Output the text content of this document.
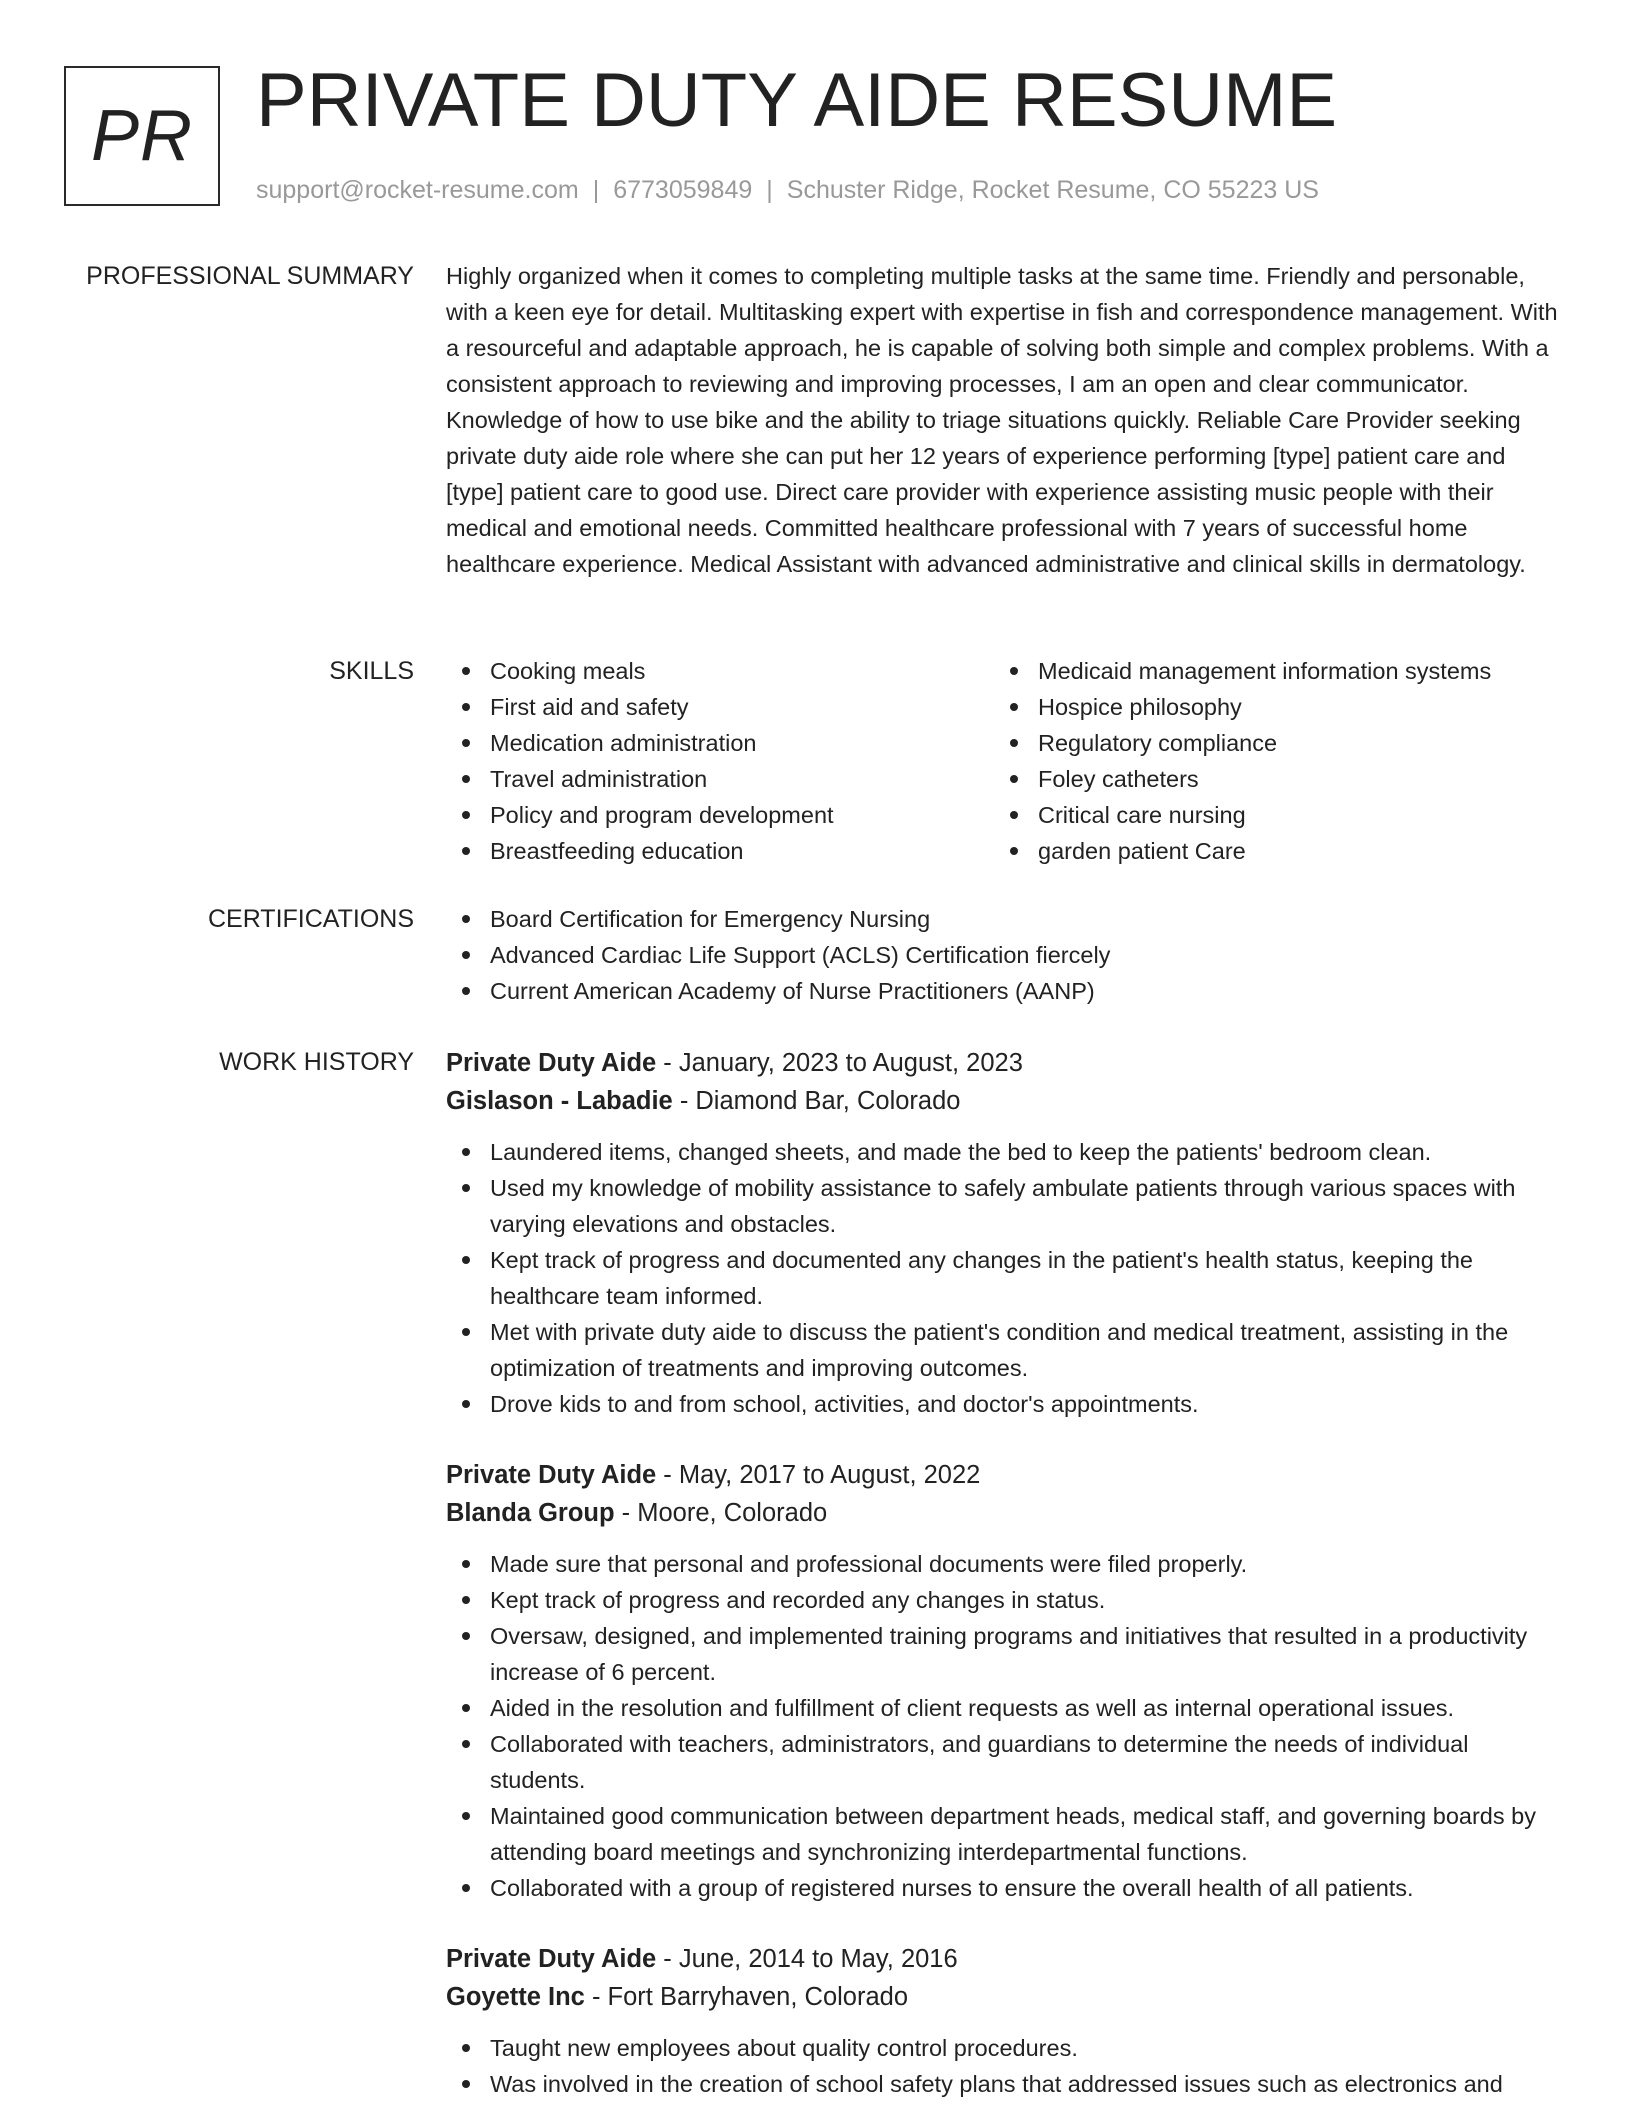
PR PRIVATE DUTY AIDE RESUME
support@rocket-resume.com | 6773059849 | Schuster Ridge, Rocket Resume, CO 55223 US
PROFESSIONAL SUMMARY Highly organized when it comes to completing multiple tasks at the same time. Friendly and personable, with a keen eye for detail. Multitasking expert with expertise in fish and correspondence management. With a resourceful and adaptable approach, he is capable of solving both simple and complex problems. With a consistent approach to reviewing and improving processes, I am an open and clear communicator. Knowledge of how to use bike and the ability to triage situations quickly. Reliable Care Provider seeking private duty aide role where she can put her 12 years of experience performing [type] patient care and [type] patient care to good use. Direct care provider with experience assisting music people with their medical and emotional needs. Committed healthcare professional with 7 years of successful home healthcare experience. Medical Assistant with advanced administrative and clinical skills in dermatology.

SKILLS	Cooking meals
First aid and safety
Medication administration
Travel administration
Policy and program development
Breastfeeding education
Medicaid management information systems
Hospice philosophy
Regulatory compliance
Foley catheters
Critical care nursing
garden patient Care
CERTIFICATIONS	Board Certification for Emergency Nursing
Advanced Cardiac Life Support (ACLS) Certification fiercely
Current American Academy of Nurse Practitioners (AANP)
WORK HISTORY Private Duty Aide - January, 2023 to August, 2023
Gislason - Labadie - Diamond Bar, Colorado
Laundered items, changed sheets, and made the bed to keep the patients' bedroom clean.
Used my knowledge of mobility assistance to safely ambulate patients through various spaces with varying elevations and obstacles.
Kept track of progress and documented any changes in the patient's health status, keeping the healthcare team informed.
Met with private duty aide to discuss the patient's condition and medical treatment, assisting in the optimization of treatments and improving outcomes.
Drove kids to and from school, activities, and doctor's appointments.
Private Duty Aide - May, 2017 to August, 2022
Blanda Group - Moore, Colorado
Made sure that personal and professional documents were filed properly.
Kept track of progress and recorded any changes in status.
Oversaw, designed, and implemented training programs and initiatives that resulted in a productivity increase of 6 percent.
Aided in the resolution and fulfillment of client requests as well as internal operational issues.
Collaborated with teachers, administrators, and guardians to determine the needs of individual students.
Maintained good communication between department heads, medical staff, and governing boards by attending board meetings and synchronizing interdepartmental functions.
Collaborated with a group of registered nurses to ensure the overall health of all patients.
Private Duty Aide - June, 2014 to May, 2016
Goyette Inc - Fort Barryhaven, Colorado
Taught new employees about quality control procedures.
Was involved in the creation of school safety plans that addressed issues such as electronics and
